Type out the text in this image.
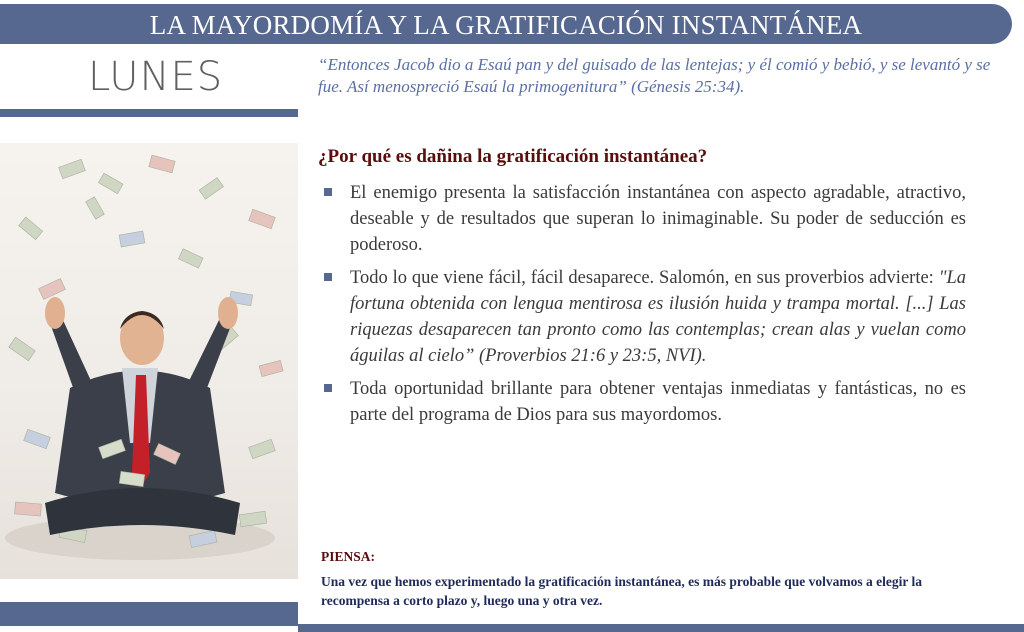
LA MAYORDOMÍA Y LA GRATIFICACIÓN INSTANTÁNEA
LUNES	“Entonces Jacob dio a Esaú pan y del guisado de las lentejas; y él comió y bebió, y se levantó y se fue. Así menospreció Esaú la primogenitura” (Génesis 25:34).
¿Por qué es dañina la gratificación instantánea?
El enemigo presenta la satisfacción instantánea con aspecto agradable, atractivo, deseable y de resultados que superan lo inimaginable. Su poder de seducción es poderoso.
Todo lo que viene fácil, fácil desaparece. Salomón, en sus proverbios advierte: "La fortuna obtenida con lengua mentirosa es ilusión huida y trampa mortal. [...] Las riquezas desaparecen tan pronto como las contemplas; crean alas y vuelan como águilas al cielo” (Proverbios 21:6 y 23:5, NVI).
Toda oportunidad brillante para obtener ventajas inmediatas y fantásticas, no es parte del programa de Dios para sus mayordomos.
PIENSA:
Una vez que hemos experimentado la gratificación instantánea, es más probable que volvamos a elegir la recompensa a corto plazo y, luego una y otra vez.
